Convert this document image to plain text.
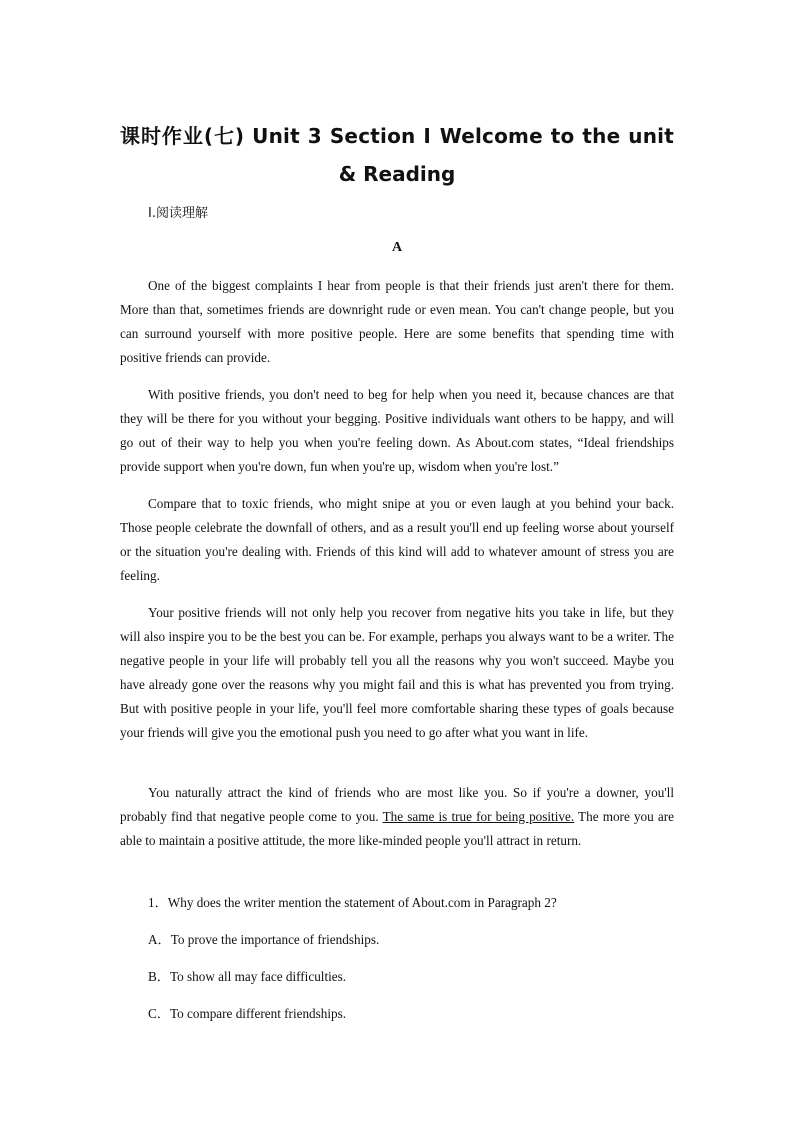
课时作业(七) Unit 3 Section Ⅰ Welcome to the unit
& Reading
Ⅰ.阅读理解
A

One of the biggest complaints I hear from people is that their friends just aren't there for them. More than that, sometimes friends are downright rude or even mean. You can't change people, but you can surround yourself with more positive people. Here are some benefits that spending time with positive friends can provide.

With positive friends, you don't need to beg for help when you need it, because chances are that they will be there for you without your begging. Positive individuals want others to be happy, and will go out of their way to help you when you're feeling down. As About.com states, “Ideal friendships provide support when you're down, fun when you're up, wisdom when you're lost.”

Compare that to toxic friends, who might snipe at you or even laugh at you behind your back. Those people celebrate the downfall of others, and as a result you'll end up feeling worse about yourself or the situation you're dealing with. Friends of this kind will add to whatever amount of stress you are feeling.

Your positive friends will not only help you recover from negative hits you take in life, but they will also inspire you to be the best you can be. For example, perhaps you always want to be a writer. The negative people in your life will probably tell you all the reasons why you won't succeed. Maybe you have already gone over the reasons why you might fail and this is what has prevented you from trying. But with positive people in your life, you'll feel more comfortable sharing these types of goals because your friends will give you the emotional push you need to go after what you want in life.

You naturally attract the kind of friends who are most like you. So if you're a downer, you'll probably find that negative people come to you. The same is true for being positive. The more you are able to maintain a positive attitude, the more like-minded people you'll attract in return.

1．Why does the writer mention the statement of About.com in Paragraph 2?

A．To prove the importance of friendships.

B．To show all may face difficulties.

C．To compare different friendships.
